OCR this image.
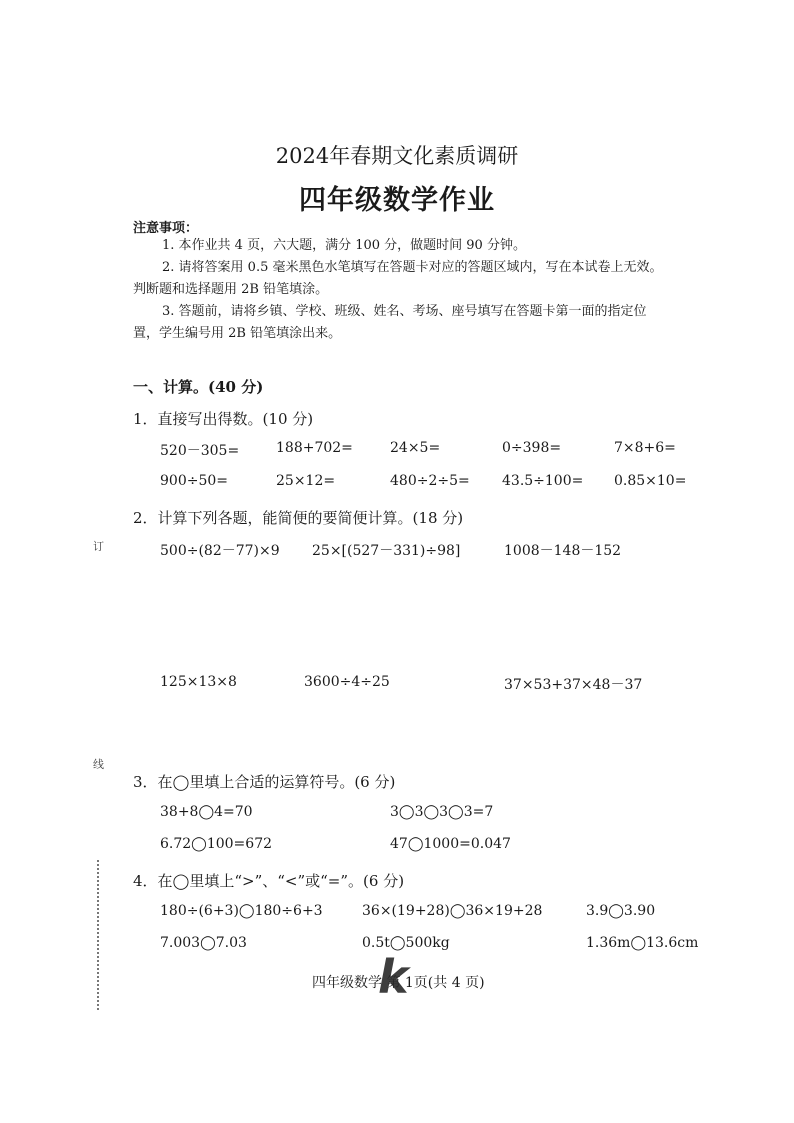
2024年春期文化素质调研
四年级数学作业
注意事项：
1. 本作业共 4 页，六大题，满分 100 分，做题时间 90 分钟。
2. 请将答案用 0.5 毫米黑色水笔填写在答题卡对应的答题区域内，写在本试卷上无效。
判断题和选择题用 2B 铅笔填涂。
3. 答题前，请将乡镇、学校、班级、姓名、考场、座号填写在答题卡第一面的指定位
置，学生编号用 2B 铅笔填涂出来。
一、计算。(40 分)
1．直接写出得数。(10 分)
520－305=	188+702=	24×5=	0÷398=	7×8+6=
900÷50=	25×12=	480÷2÷5= 43.5÷100= 0.85×10=
2．计算下列各题，能简便的要简便计算。(18 分)
500÷(82－77)×9 25×[(527－331)÷98]	1008－148－152
125×13×8	3600÷4÷25	37×53+37×48－37
3．在◯里填上合适的运算符号。(6 分)
38+8◯4=70	3◯3◯3◯3=7
6.72◯100=672	47◯1000=0.047
4．在◯里填上“>”、“<”或“=”。(6 分)
180÷(6+3)◯180÷6+3	36×(19+28)◯36×19+28	3.9◯3.90
7.003◯7.03	0.5t◯500kg	1.36m◯13.6cm
四年级数学 第 1页(共 4 页)
k
订
线
